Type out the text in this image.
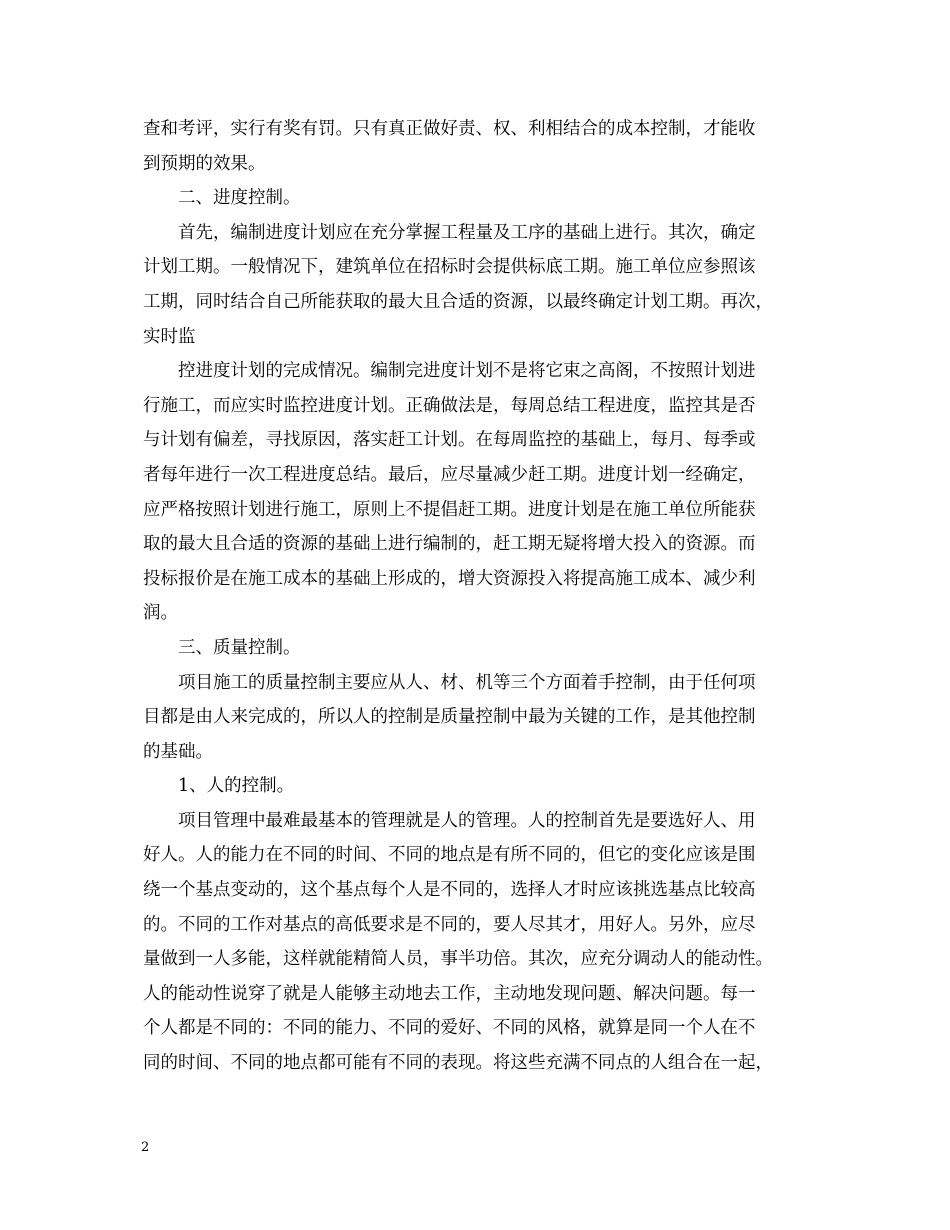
查和考评，实行有奖有罚。只有真正做好责、权、利相结合的成本控制，才能收
到预期的效果。
二、进度控制。
首先，编制进度计划应在充分掌握工程量及工序的基础上进行。其次，确定
计划工期。一般情况下，建筑单位在招标时会提供标底工期。施工单位应参照该
工期，同时结合自己所能获取的最大且合适的资源，以最终确定计划工期。再次，
实时监
控进度计划的完成情况。编制完进度计划不是将它束之高阁，不按照计划进
行施工，而应实时监控进度计划。正确做法是，每周总结工程进度，监控其是否
与计划有偏差，寻找原因，落实赶工计划。在每周监控的基础上，每月、每季或
者每年进行一次工程进度总结。最后，应尽量减少赶工期。进度计划一经确定，
应严格按照计划进行施工，原则上不提倡赶工期。进度计划是在施工单位所能获
取的最大且合适的资源的基础上进行编制的，赶工期无疑将增大投入的资源。而
投标报价是在施工成本的基础上形成的，增大资源投入将提高施工成本、减少利
润。
三、质量控制。
项目施工的质量控制主要应从人、材、机等三个方面着手控制，由于任何项
目都是由人来完成的，所以人的控制是质量控制中最为关键的工作，是其他控制
的基础。
1、人的控制。
项目管理中最难最基本的管理就是人的管理。人的控制首先是要选好人、用
好人。人的能力在不同的时间、不同的地点是有所不同的，但它的变化应该是围
绕一个基点变动的，这个基点每个人是不同的，选择人才时应该挑选基点比较高
的。不同的工作对基点的高低要求是不同的，要人尽其才，用好人。另外，应尽
量做到一人多能，这样就能精简人员，事半功倍。其次，应充分调动人的能动性。
人的能动性说穿了就是人能够主动地去工作，主动地发现问题、解决问题。每一
个人都是不同的：不同的能力、不同的爱好、不同的风格，就算是同一个人在不
同的时间、不同的地点都可能有不同的表现。将这些充满不同点的人组合在一起，
2
